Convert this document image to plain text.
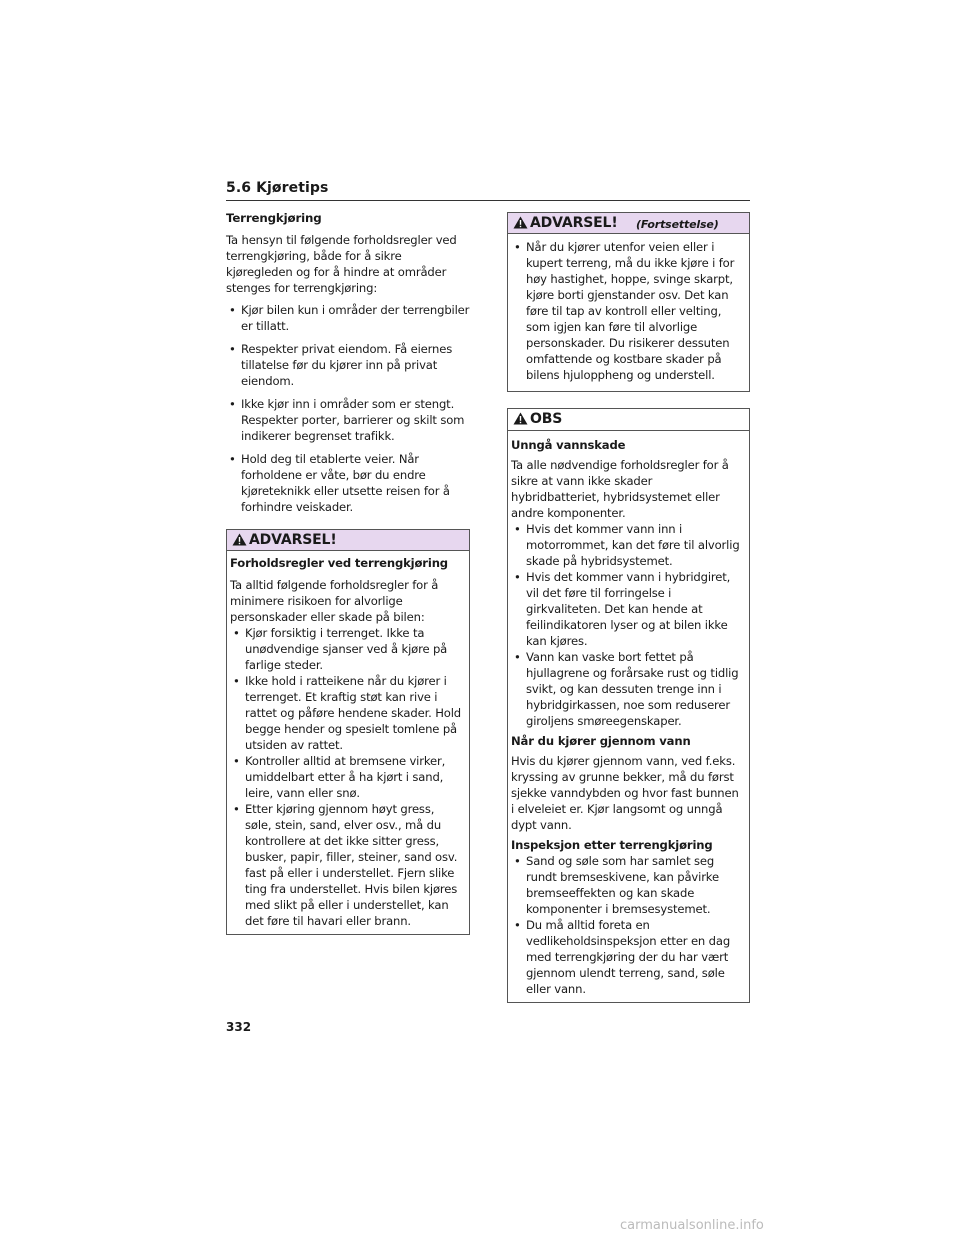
5.6 Kjøretips
Terrengkjøring

Ta hensyn til følgende forholdsregler ved terrengkjøring, både for å sikre kjøregleden og for å hindre at områder stenges for terrengkjøring:

• Kjør bilen kun i områder der terrengbiler er tillatt.
• Respekter privat eiendom. Få eiernes tillatelse før du kjører inn på privat eiendom.
• Ikke kjør inn i områder som er stengt. Respekter porter, barrierer og skilt som indikerer begrenset trafikk.
• Hold deg til etablerte veier. Når forholdene er våte, bør du endre kjøreteknikk eller utsette reisen for å forhindre veiskader.
ADVARSEL!
Forholdsregler ved terrengkjøring

Ta alltid følgende forholdsregler for å minimere risikoen for alvorlige personskader eller skade på bilen:

• Kjør forsiktig i terrenget. Ikke ta unødvendige sjanser ved å kjøre på farlige steder.
• Ikke hold i ratteikene når du kjører i terrenget. Et kraftig støt kan rive i rattet og påføre hendene skader. Hold begge hender og spesielt tomlene på utsiden av rattet.
• Kontroller alltid at bremsene virker, umiddelbart etter å ha kjørt i sand, leire, vann eller snø.
• Etter kjøring gjennom høyt gress, søle, stein, sand, elver osv., må du kontrollere at det ikke sitter gress, busker, papir, filler, steiner, sand osv. fast på eller i understellet. Fjern slike ting fra understellet. Hvis bilen kjøres med slikt på eller i understellet, kan det føre til havari eller brann.
ADVARSEL! (Fortsettelse)
• Når du kjører utenfor veien eller i kupert terreng, må du ikke kjøre i for høy hastighet, hoppe, svinge skarpt, kjøre borti gjenstander osv. Det kan føre til tap av kontroll eller velting, som igjen kan føre til alvorlige personskader. Du risikerer dessuten omfattende og kostbare skader på bilens hjuloppheng og understell.
OBS
Unngå vannskade

Ta alle nødvendige forholdsregler for å sikre at vann ikke skader hybridbatteriet, hybridsystemet eller andre komponenter.

• Hvis det kommer vann inn i motorrommet, kan det føre til alvorlig skade på hybridsystemet.
• Hvis det kommer vann i hybridgiret, vil det føre til forringelse i girkvaliteten. Det kan hende at feilindikatoren lyser og at bilen ikke kan kjøres.
• Vann kan vaske bort fettet på hjullagrene og forårsake rust og tidlig svikt, og kan dessuten trenge inn i hybridgirkassen, noe som reduserer giroljens smøreegenskaper.
Når du kjører gjennom vann

Hvis du kjører gjennom vann, ved f.eks. kryssing av grunne bekker, må du først sjekke vanndybden og hvor fast bunnen i elveleiet er. Kjør langsomt og unngå dypt vann.

Inspeksjon etter terrengkjøring
• Sand og søle som har samlet seg rundt bremseskivene, kan påvirke bremseeffekten og kan skade komponenter i bremsesystemet.
• Du må alltid foreta en vedlikeholdsinspeksjon etter en dag med terrengkjøring der du har vært gjennom ulendt terreng, sand, søle eller vann.
332
carmanualsonline.info
